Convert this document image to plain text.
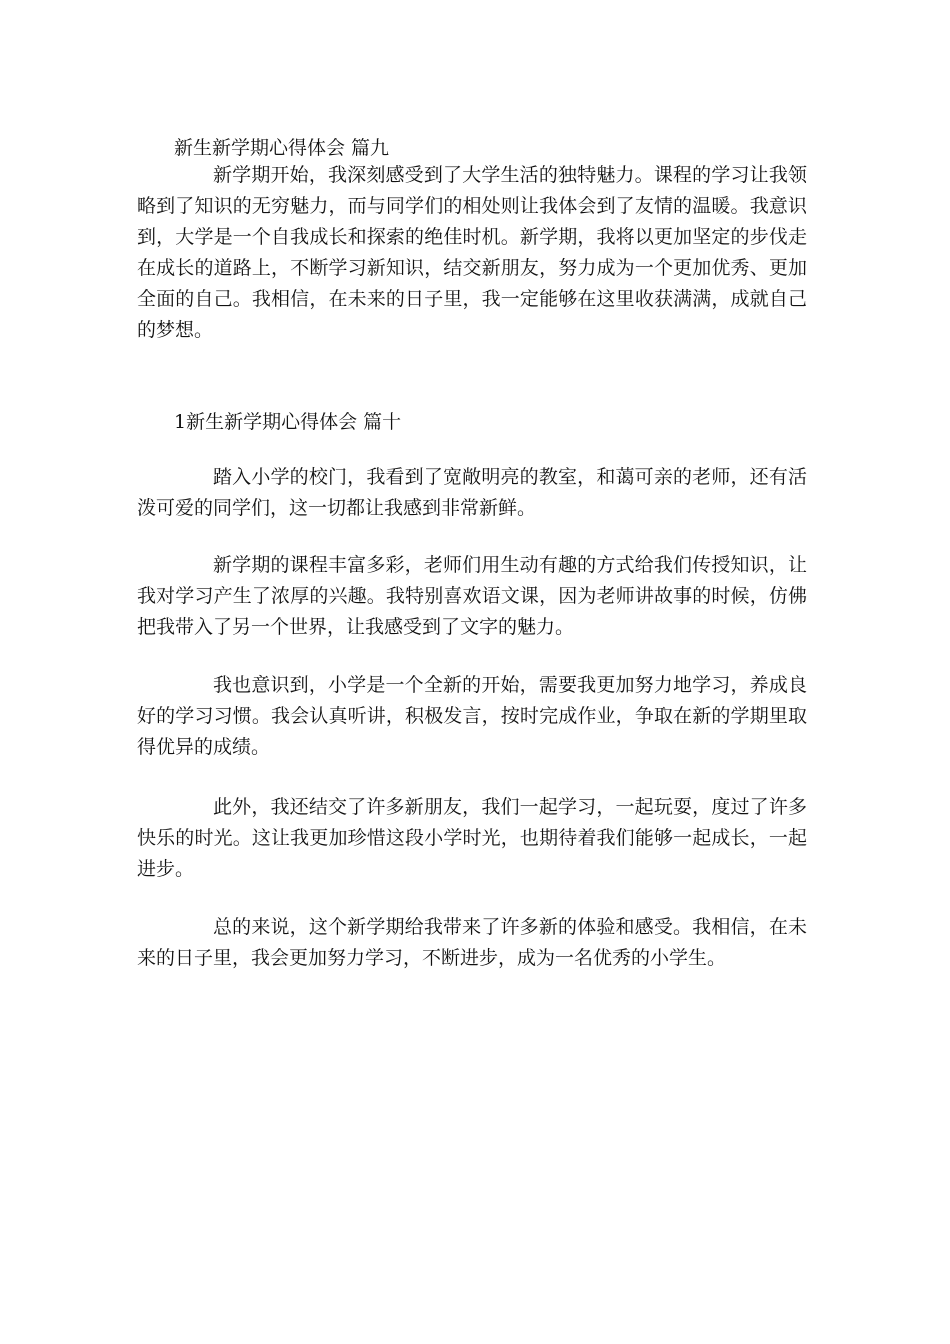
新生新学期心得体会 篇九

新学期开始，我深刻感受到了大学生活的独特魅力。课程的学习让我领略到了知识的无穷魅力，而与同学们的相处则让我体会到了友情的温暖。我意识到，大学是一个自我成长和探索的绝佳时机。新学期，我将以更加坚定的步伐走在成长的道路上，不断学习新知识，结交新朋友，努力成为一个更加优秀、更加全面的自己。我相信，在未来的日子里，我一定能够在这里收获满满，成就自己的梦想。

1新生新学期心得体会 篇十

踏入小学的校门，我看到了宽敞明亮的教室，和蔼可亲的老师，还有活泼可爱的同学们，这一切都让我感到非常新鲜。

新学期的课程丰富多彩，老师们用生动有趣的方式给我们传授知识，让我对学习产生了浓厚的兴趣。我特别喜欢语文课，因为老师讲故事的时候，仿佛把我带入了另一个世界，让我感受到了文字的魅力。

我也意识到，小学是一个全新的开始，需要我更加努力地学习，养成良好的学习习惯。我会认真听讲，积极发言，按时完成作业，争取在新的学期里取得优异的成绩。

此外，我还结交了许多新朋友，我们一起学习，一起玩耍，度过了许多快乐的时光。这让我更加珍惜这段小学时光，也期待着我们能够一起成长，一起进步。

总的来说，这个新学期给我带来了许多新的体验和感受。我相信，在未来的日子里，我会更加努力学习，不断进步，成为一名优秀的小学生。
